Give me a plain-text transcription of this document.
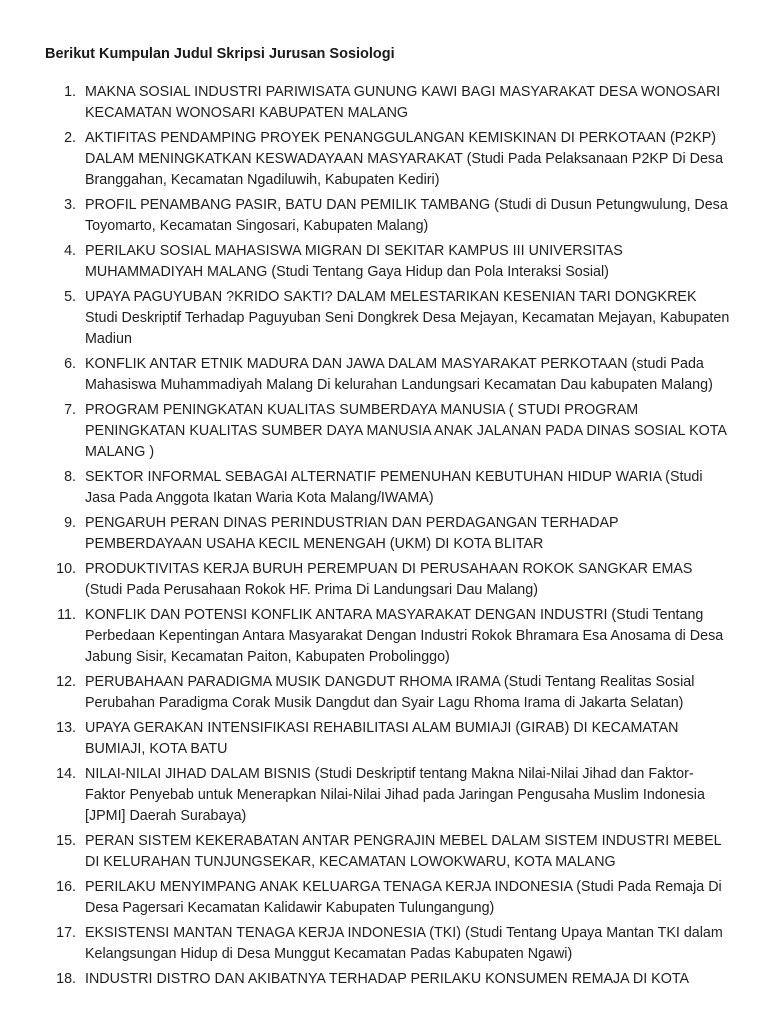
Berikut Kumpulan Judul Skripsi Jurusan Sosiologi
1. MAKNA SOSIAL INDUSTRI PARIWISATA GUNUNG KAWI BAGI MASYARAKAT DESA WONOSARI KECAMATAN WONOSARI KABUPATEN MALANG
2. AKTIFITAS PENDAMPING PROYEK PENANGGULANGAN KEMISKINAN DI PERKOTAAN (P2KP) DALAM MENINGKATKAN KESWADAYAAN MASYARAKAT (Studi Pada Pelaksanaan P2KP Di Desa Branggahan, Kecamatan Ngadiluwih, Kabupaten Kediri)
3. PROFIL PENAMBANG PASIR, BATU DAN PEMILIK TAMBANG (Studi di Dusun Petungwulung, Desa Toyomarto, Kecamatan Singosari, Kabupaten Malang)
4. PERILAKU SOSIAL MAHASISWA MIGRAN DI SEKITAR KAMPUS III UNIVERSITAS MUHAMMADIYAH MALANG (Studi Tentang Gaya Hidup dan Pola Interaksi Sosial)
5. UPAYA PAGUYUBAN ?KRIDO SAKTI? DALAM MELESTARIKAN KESENIAN TARI DONGKREK Studi Deskriptif Terhadap Paguyuban Seni Dongkrek Desa Mejayan, Kecamatan Mejayan, Kabupaten Madiun
6. KONFLIK ANTAR ETNIK MADURA DAN JAWA DALAM MASYARAKAT PERKOTAAN (studi Pada Mahasiswa Muhammadiyah Malang Di kelurahan Landungsari Kecamatan Dau kabupaten Malang)
7. PROGRAM PENINGKATAN KUALITAS SUMBERDAYA MANUSIA ( STUDI PROGRAM PENINGKATAN KUALITAS SUMBER DAYA MANUSIA ANAK JALANAN PADA DINAS SOSIAL KOTA MALANG )
8. SEKTOR INFORMAL SEBAGAI ALTERNATIF PEMENUHAN KEBUTUHAN HIDUP WARIA (Studi Jasa Pada Anggota Ikatan Waria Kota Malang/IWAMA)
9. PENGARUH PERAN DINAS PERINDUSTRIAN DAN PERDAGANGAN TERHADAP PEMBERDAYAAN USAHA KECIL MENENGAH (UKM) DI KOTA BLITAR
10. PRODUKTIVITAS KERJA BURUH PEREMPUAN DI PERUSAHAAN ROKOK SANGKAR EMAS (Studi Pada Perusahaan Rokok HF. Prima Di Landungsari Dau Malang)
11. KONFLIK DAN POTENSI KONFLIK ANTARA MASYARAKAT DENGAN INDUSTRI (Studi Tentang Perbedaan Kepentingan Antara Masyarakat Dengan Industri Rokok Bhramara Esa Anosama di Desa Jabung Sisir, Kecamatan Paiton, Kabupaten Probolinggo)
12. PERUBAHAAN PARADIGMA MUSIK DANGDUT RHOMA IRAMA (Studi Tentang Realitas Sosial Perubahan Paradigma Corak Musik Dangdut dan Syair Lagu Rhoma Irama di Jakarta Selatan)
13. UPAYA GERAKAN INTENSIFIKASI REHABILITASI ALAM BUMIAJI (GIRAB) DI KECAMATAN BUMIAJI, KOTA BATU
14. NILAI-NILAI JIHAD DALAM BISNIS (Studi Deskriptif tentang Makna Nilai-Nilai Jihad dan Faktor-Faktor Penyebab untuk Menerapkan Nilai-Nilai Jihad pada Jaringan Pengusaha Muslim Indonesia [JPMI] Daerah Surabaya)
15. PERAN SISTEM KEKERABATAN ANTAR PENGRAJIN MEBEL DALAM SISTEM INDUSTRI MEBEL DI KELURAHAN TUNJUNGSEKAR, KECAMATAN LOWOKWARU, KOTA MALANG
16. PERILAKU MENYIMPANG ANAK KELUARGA TENAGA KERJA INDONESIA (Studi Pada Remaja Di Desa Pagersari Kecamatan Kalidawir Kabupaten Tulungangung)
17. EKSISTENSI MANTAN TENAGA KERJA INDONESIA (TKI) (Studi Tentang Upaya Mantan TKI dalam Kelangsungan Hidup di Desa Munggut Kecamatan Padas Kabupaten Ngawi)
18. INDUSTRI DISTRO DAN AKIBATNYA TERHADAP PERILAKU KONSUMEN REMAJA DI KOTA
